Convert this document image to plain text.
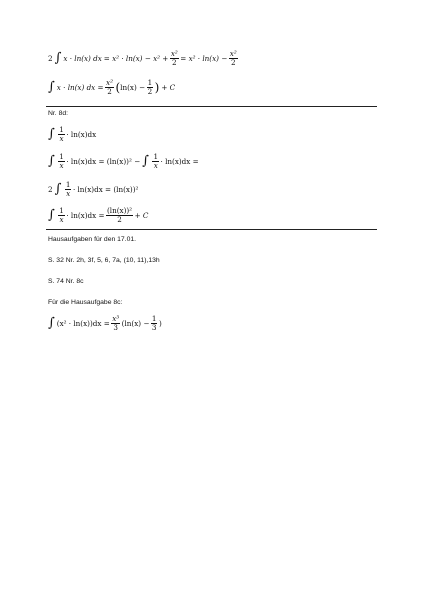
2 ∫ x · ln(x) dx = $x^2 \cdot \ln(x) - x^2 + \frac{\text{x²}}{2} = x^2 \cdot \ln(x) - \frac{\text{x²}}{2}$
∫ x · ln(x) dx = $\frac{\text{x²}}{2}$ ( $\ln(x) - \frac{1}{2}$ ) + C
Nr. 8d:
∫ $\frac{1}{x} \cdot \ln(x)dx$
∫ $\frac{1}{x} \cdot \ln(x)dx = (\ln(x))^2$ − ∫ $\frac{1}{x} \cdot \ln(x)dx$ =
2 ∫ $\frac{1}{x} \cdot \ln(x)dx = (\ln(x))^2$
∫ $\frac{1}{x} \cdot \ln(x)dx = \frac{\text{(ln(x))²}}{2} + C$
Hausaufgaben für den 17.01.
S. 32 Nr. 2h, 3f, 5, 6, 7a, (10, 11),13h
S. 74 Nr. 8c
Für die Hausaufgabe 8c:
∫ $(x^2 \cdot \ln(x))dx = \frac{\text{x³}}{3} (\ln(x) - \frac{1}{3}$ )
